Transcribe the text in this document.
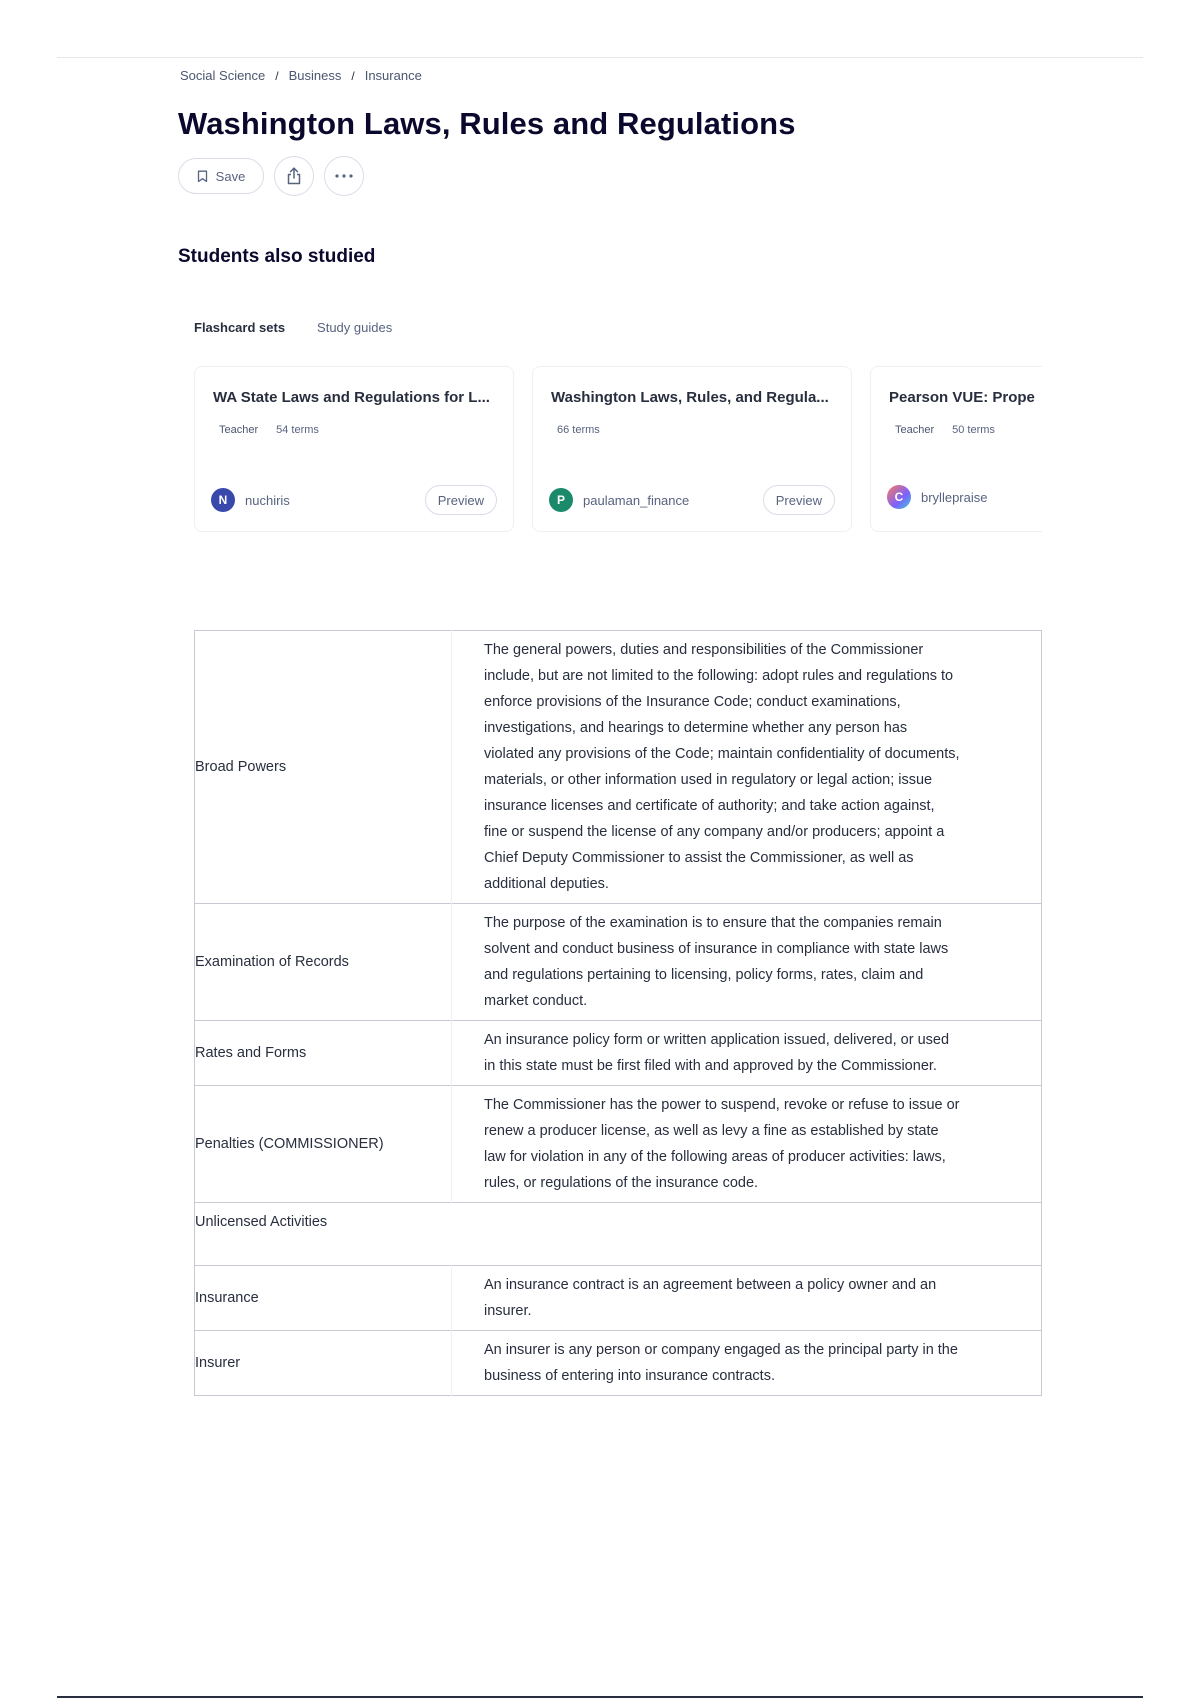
Social Science / Business / Insurance
Washington Laws, Rules and Regulations
Save
Students also studied
Flashcard sets Study guides
WA State Laws and Regulations for L...
Teacher 54 terms
N	nuchiris	Preview
Washington Laws, Rules, and Regula...
66 terms
P	paulaman_finance	Preview
Pearson VUE: Prope
Teacher 50 terms
C	bryllepraise
Broad Powers	The general powers, duties and responsibilities of the Commissioner include, but are not limited to the following: adopt rules and regulations to enforce provisions of the Insurance Code; conduct examinations, investigations, and hearings to determine whether any person has violated any provisions of the Code; maintain confidentiality of documents, materials, or other information used in regulatory or legal action; issue insurance licenses and certificate of authority; and take action against, fine or suspend the license of any company and/or producers; appoint a Chief Deputy Commissioner to assist the Commissioner, as well as additional deputies.
Examination of Records	The purpose of the examination is to ensure that the companies remain solvent and conduct business of insurance in compliance with state laws and regulations pertaining to licensing, policy forms, rates, claim and market conduct.
Rates and Forms	An insurance policy form or written application issued, delivered, or used in this state must be first filed with and approved by the Commissioner.
Penalties (COMMISSIONER)	The Commissioner has the power to suspend, revoke or refuse to issue or renew a producer license, as well as levy a fine as established by state law for violation in any of the following areas of producer activities: laws, rules, or regulations of the insurance code.
Unlicensed Activities	
Insurance	An insurance contract is an agreement between a policy owner and an insurer.
Insurer	An insurer is any person or company engaged as the principal party in the business of entering into insurance contracts.
